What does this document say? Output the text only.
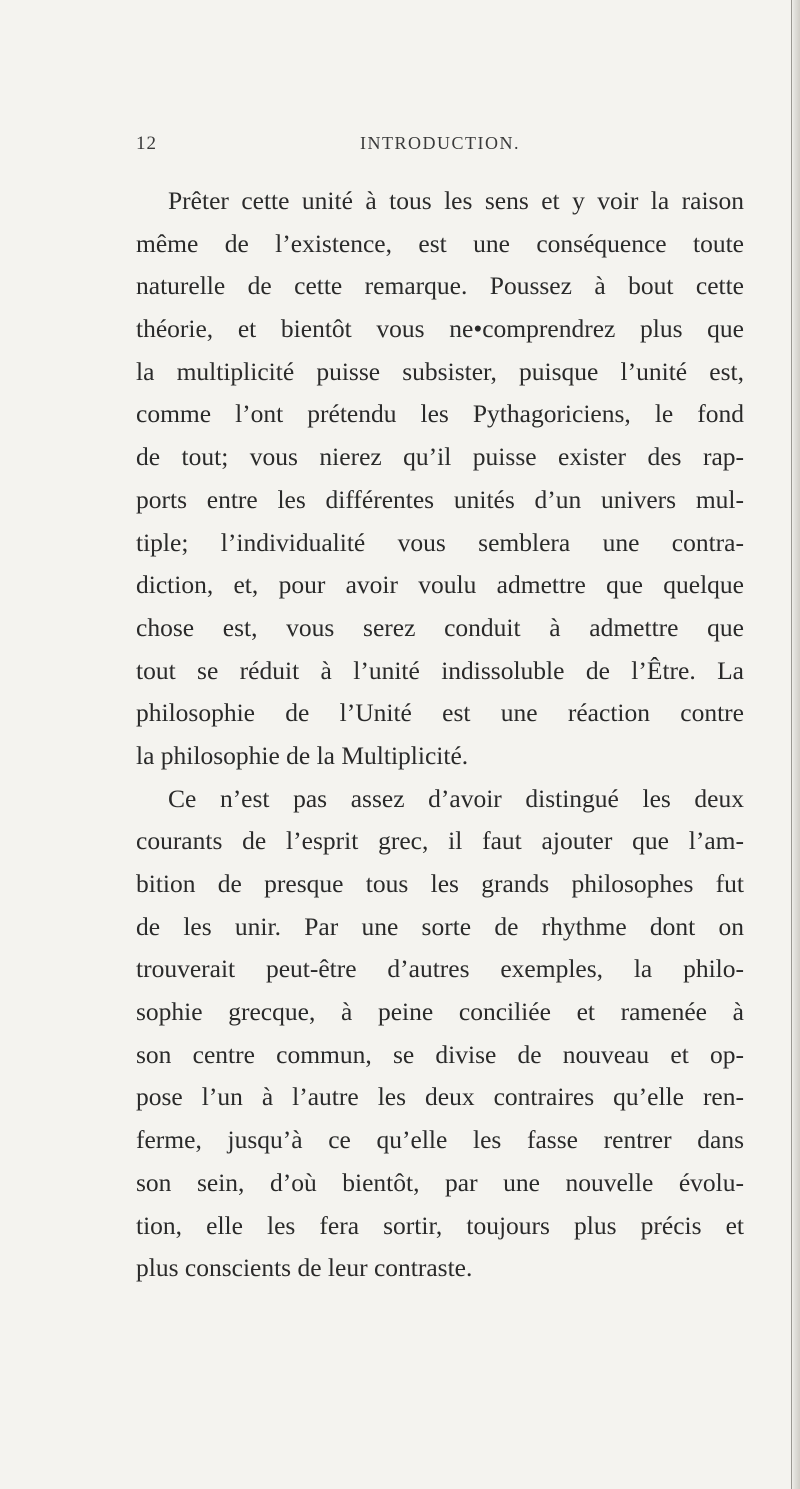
12	INTRODUCTION.
Prêter cette unité à tous les sens et y voir la raison
même de l’existence, est une conséquence toute
naturelle de cette remarque. Poussez à bout cette
théorie, et bientôt vous ne•comprendrez plus que
la multiplicité puisse subsister, puisque l’unité est,
comme l’ont prétendu les Pythagoriciens, le fond
de tout; vous nierez qu’il puisse exister des rap-
ports entre les différentes unités d’un univers mul-
tiple; l’individualité vous semblera une contra-
diction, et, pour avoir voulu admettre que quelque
chose est, vous serez conduit à admettre que
tout se réduit à l’unité indissoluble de l’Être. La
philosophie de l’Unité est une réaction contre
la philosophie de la Multiplicité.
Ce n’est pas assez d’avoir distingué les deux
courants de l’esprit grec, il faut ajouter que l’am-
bition de presque tous les grands philosophes fut
de les unir. Par une sorte de rhythme dont on
trouverait peut-être d’autres exemples, la philo-
sophie grecque, à peine conciliée et ramenée à
son centre commun, se divise de nouveau et op-
pose l’un à l’autre les deux contraires qu’elle ren-
ferme, jusqu’à ce qu’elle les fasse rentrer dans
son sein, d’où bientôt, par une nouvelle évolu-
tion, elle les fera sortir, toujours plus précis et
plus conscients de leur contraste.
